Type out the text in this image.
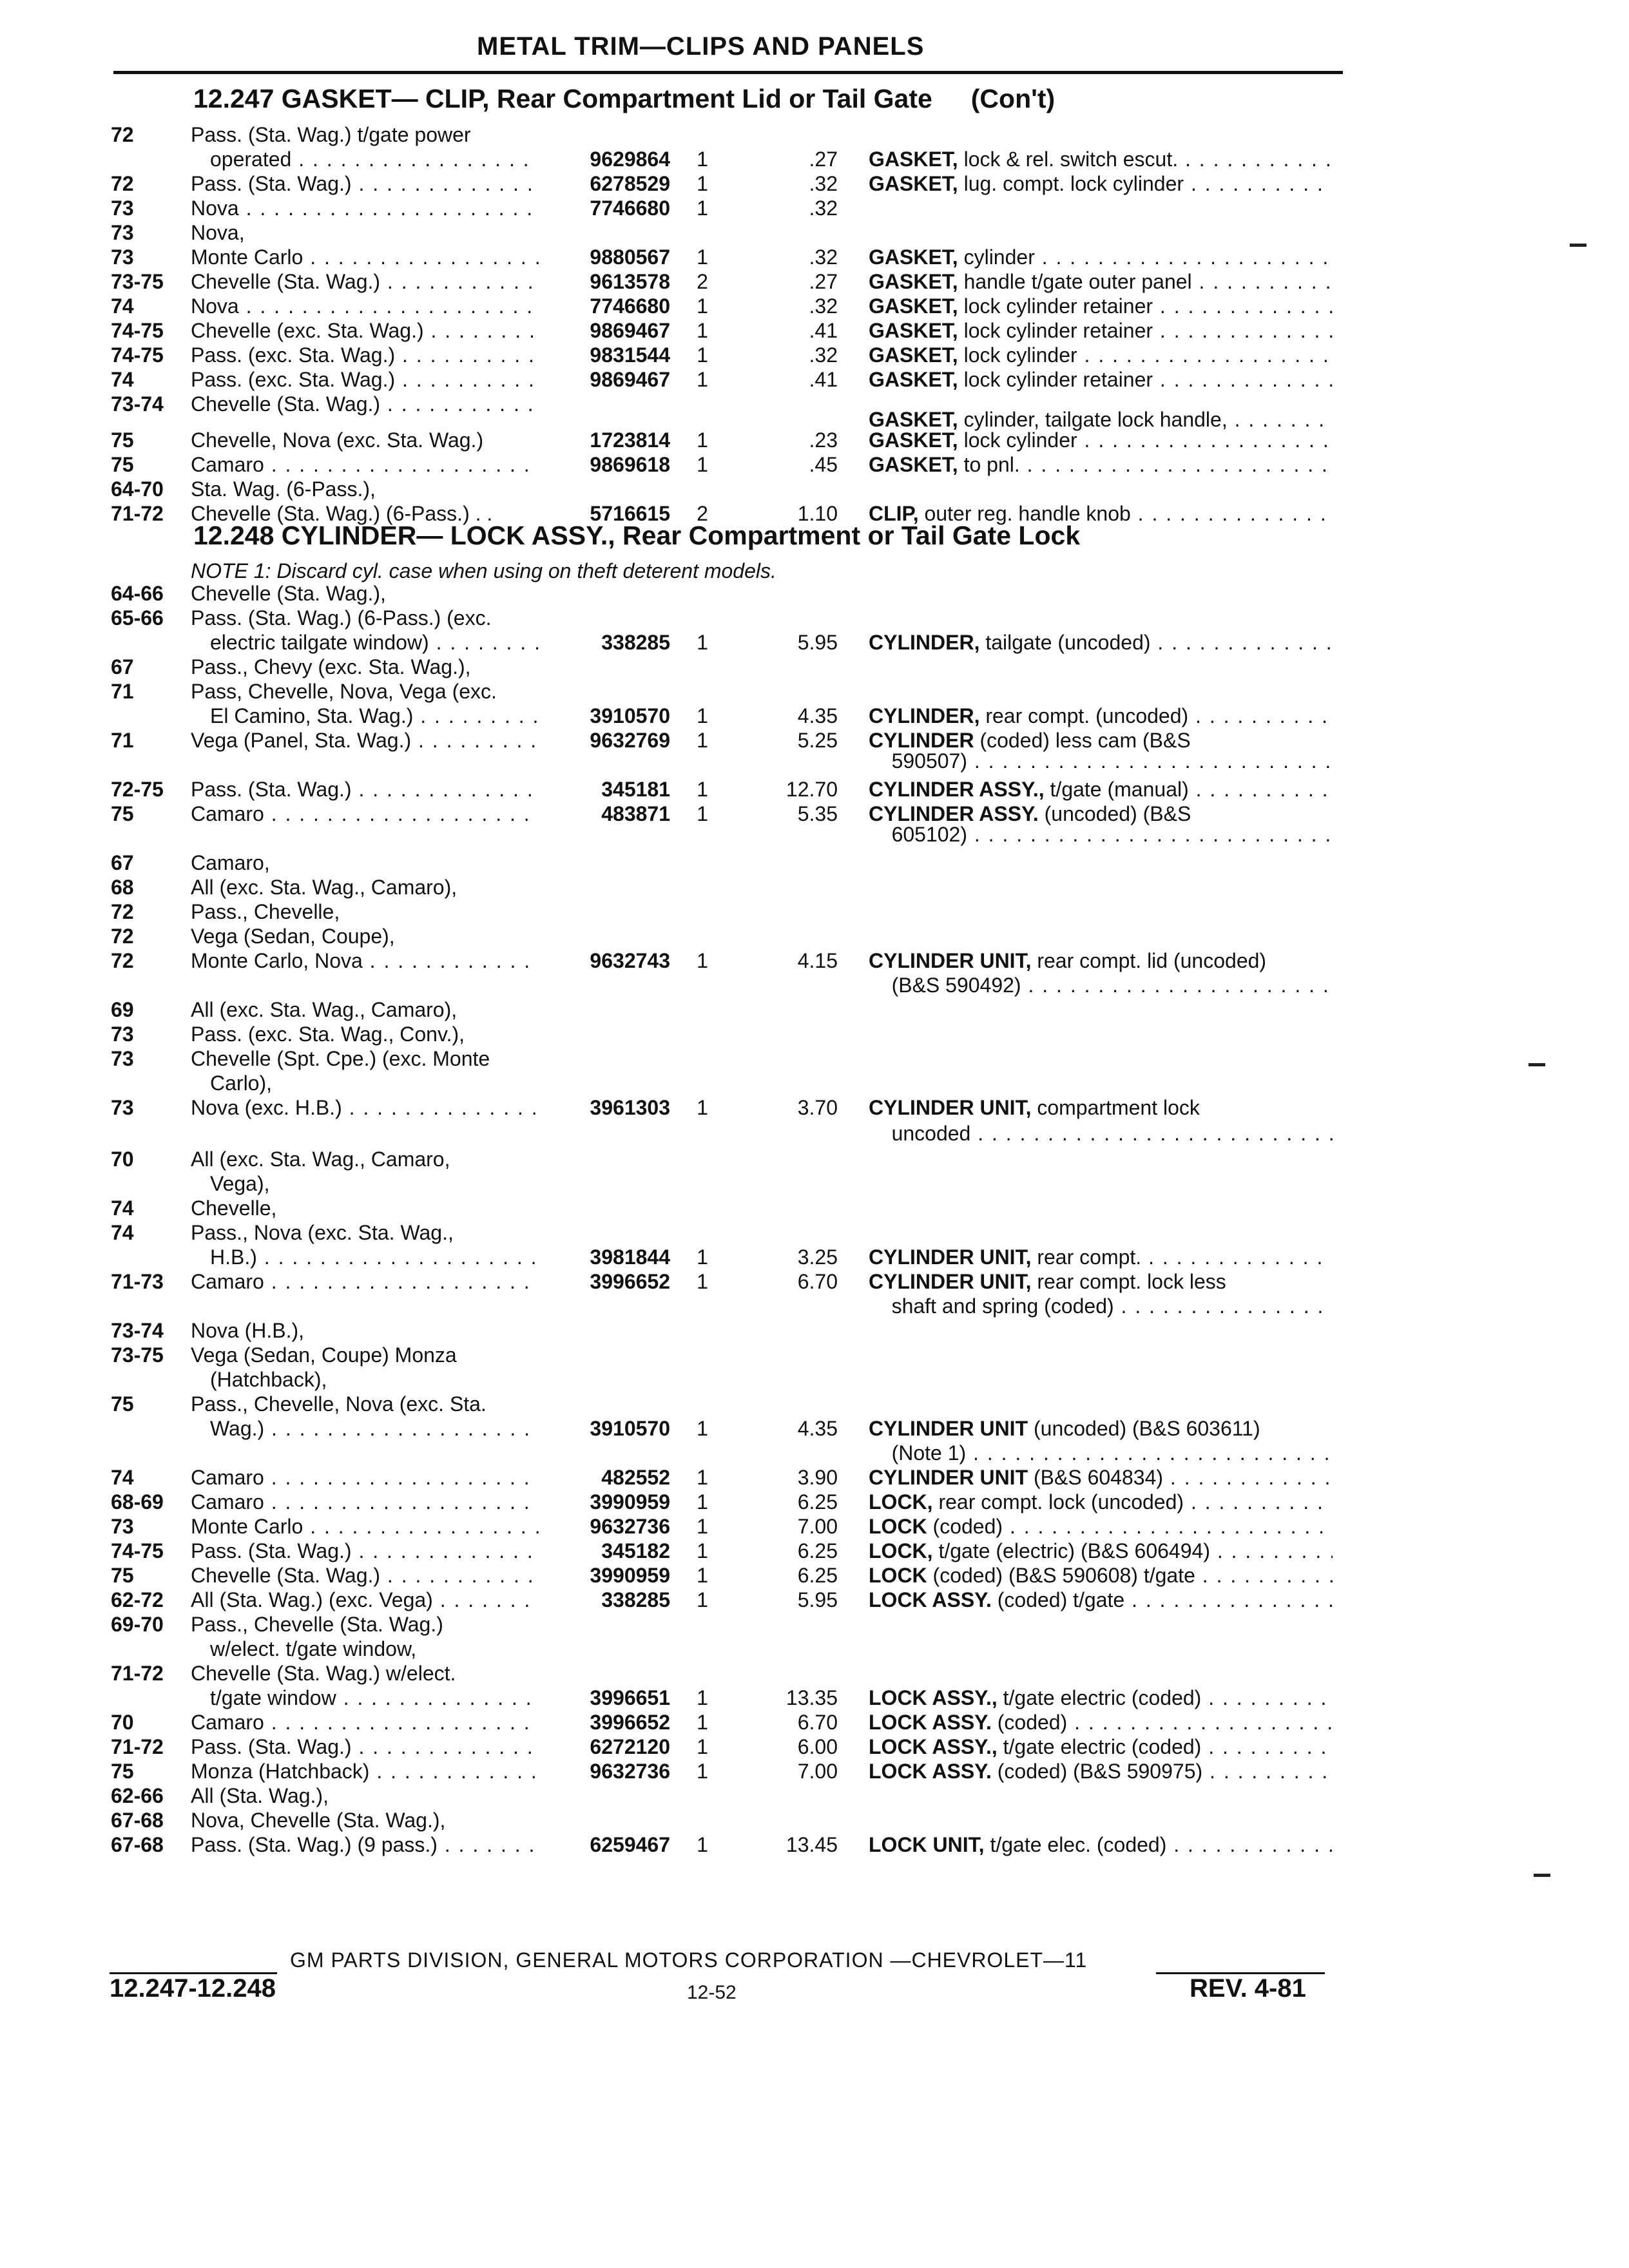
METAL TRIM—CLIPS AND PANELS
12.247 GASKET— CLIP, Rear Compartment Lid or Tail Gate (Con't)
12.248 CYLINDER— LOCK ASSY., Rear Compartment or Tail Gate Lock
NOTE 1: Discard cyl. case when using on theft deterent models.
72	Pass. (Sta. Wag.) t/gate power
operated . . .	9629864	1	.27 GASKET, lock & rel. switch escut. . . .
72	Pass. (Sta. Wag.) . . .	6278529	1	.32 GASKET, lug. compt. lock cylinder . . .
73	Nova . . .	7746680	1	.32
73	Nova,
73	Monte Carlo . . .	9880567	1	.32 GASKET, cylinder . . .
73-75	Chevelle (Sta. Wag.) . . .	9613578	2	.27 GASKET, handle t/gate outer panel . . .
74	Nova . . .	7746680	1	.32 GASKET, lock cylinder retainer . . .
74-75	Chevelle (exc. Sta. Wag.) . . .	9869467	1	.41 GASKET, lock cylinder retainer . . .
74-75	Pass. (exc. Sta. Wag.) . . .	9831544	1	.32 GASKET, lock cylinder . . .
74	Pass. (exc. Sta. Wag.) . . .	9869467	1	.41 GASKET, lock cylinder retainer . . .
73-74	Chevelle (Sta. Wag.) . . .
GASKET, cylinder, tailgate lock handle, . . .
75	Chevelle, Nova (exc. Sta. Wag.)	1723814	1	.23 GASKET, lock cylinder . . .
75	Camaro . . .	9869618	1	.45 GASKET, to pnl. . . .
64-70	Sta. Wag. (6-Pass.),
71-72	Chevelle (Sta. Wag.) (6-Pass.) . .	5716615	2	1.10 CLIP, outer reg. handle knob . . .
64-66	Chevelle (Sta. Wag.),
65-66	Pass. (Sta. Wag.) (6-Pass.) (exc.
electric tailgate window) . . .	338285	1	5.95 CYLINDER, tailgate (uncoded) . . .
67	Pass., Chevy (exc. Sta. Wag.),
71	Pass, Chevelle, Nova, Vega (exc.
El Camino, Sta. Wag.) . . .	3910570	1	4.35 CYLINDER, rear compt. (uncoded) . . .
71	Vega (Panel, Sta. Wag.) . . .	9632769	1	5.25 CYLINDER (coded) less cam (B&S
590507) . . .
72-75	Pass. (Sta. Wag.) . . .	345181	1	12.70 CYLINDER ASSY., t/gate (manual) . . .
75	Camaro . . .	483871	1	5.35 CYLINDER ASSY. (uncoded) (B&S
605102) . . .
67	Camaro,
68	All (exc. Sta. Wag., Camaro),
72	Pass., Chevelle,
72	Vega (Sedan, Coupe),
72	Monte Carlo, Nova . . .	9632743	1	4.15 CYLINDER UNIT, rear compt. lid (uncoded)
(B&S 590492) . . .
69	All (exc. Sta. Wag., Camaro),
73	Pass. (exc. Sta. Wag., Conv.),
73	Chevelle (Spt. Cpe.) (exc. Monte
Carlo),
73	Nova (exc. H.B.) . . .	3961303	1	3.70 CYLINDER UNIT, compartment lock
uncoded . . .
70	All (exc. Sta. Wag., Camaro,
Vega),
74	Chevelle,
74	Pass., Nova (exc. Sta. Wag.,
H.B.) . . .	3981844	1	3.25 CYLINDER UNIT, rear compt. . . .
71-73	Camaro . . .	3996652	1	6.70 CYLINDER UNIT, rear compt. lock less
shaft and spring (coded) . . .
73-74	Nova (H.B.),
73-75	Vega (Sedan, Coupe) Monza
(Hatchback),
75	Pass., Chevelle, Nova (exc. Sta.
Wag.) . . .	3910570	1	4.35 CYLINDER UNIT (uncoded) (B&S 603611)
(Note 1) . . .
74	Camaro . . .	482552	1	3.90 CYLINDER UNIT (B&S 604834) . . .
68-69	Camaro . . .	3990959	1	6.25 LOCK, rear compt. lock (uncoded) . . .
73	Monte Carlo . . .	9632736	1	7.00 LOCK (coded) . . .
74-75	Pass. (Sta. Wag.) . . .	345182	1	6.25 LOCK, t/gate (electric) (B&S 606494) . . .
75	Chevelle (Sta. Wag.) . . .	3990959	1	6.25 LOCK (coded) (B&S 590608) t/gate . . .
62-72	All (Sta. Wag.) (exc. Vega) . . .	338285	1	5.95 LOCK ASSY. (coded) t/gate . . .
69-70	Pass., Chevelle (Sta. Wag.)
w/elect. t/gate window,
71-72	Chevelle (Sta. Wag.) w/elect.
t/gate window . . .	3996651	1	13.35 LOCK ASSY., t/gate electric (coded) . . .
70	Camaro . . .	3996652	1	6.70 LOCK ASSY. (coded) . . .
71-72	Pass. (Sta. Wag.) . . .	6272120	1	6.00 LOCK ASSY., t/gate electric (coded) . . .
75	Monza (Hatchback) . . .	9632736	1	7.00 LOCK ASSY. (coded) (B&S 590975) . . .
62-66	All (Sta. Wag.),
67-68	Nova, Chevelle (Sta. Wag.),
67-68	Pass. (Sta. Wag.) (9 pass.) . . .	6259467	1	13.45 LOCK UNIT, t/gate elec. (coded) . . .
GM PARTS DIVISION, GENERAL MOTORS CORPORATION —CHEVROLET—11
12.247-12.248	12-52	REV. 4-81
